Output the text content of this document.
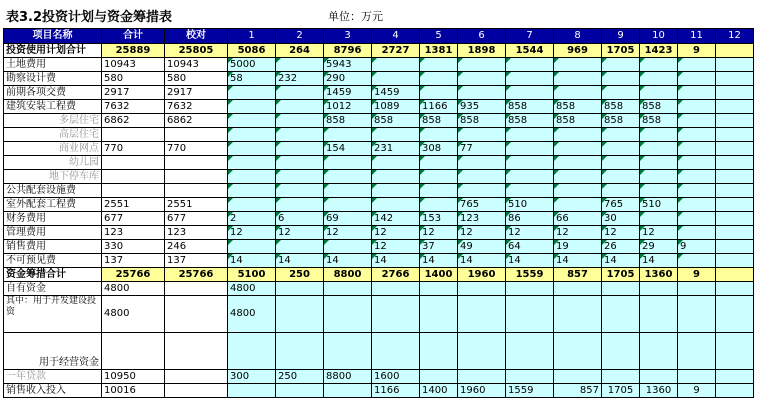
表3.2投资计划与资金筹措表	单位：万元
项目名称	合计	校对	1	2	3	4	5	6	7	8	9	10	11	12
投资使用计划合计	25889	25805	5086	264	8796	2727	1381	1898	1544	969	1705	1423	9	
土地费用	10943	10943	5000		5943									
勘察设计费	580	580	58	232	290									
前期各项交费	2917	2917			1459	1459								
建筑安装工程费	7632	7632			1012	1089	1166	935	858	858	858	858		
多层住宅	6862	6862			858	858	858	858	858	858	858	858		
高层住宅														
商业网点	770	770			154	231	308	77						
幼儿园														
地下停车库														
公共配套设施费														
室外配套工程费	2551	2551						765	510		765	510		
财务费用	677	677	2	6	69	142	153	123	86	66	30			
管理费用	123	123	12	12	12	12	12	12	12	12	12	12		
销售费用	330	246				12	37	49	64	19	26	29	9	
不可预见费	137	137	14	14	14	14	14	14	14	14	14	14		
资金筹措合计	25766	25766	5100	250	8800	2766	1400	1960	1559	857	1705	1360	9	
自有资金	4800		4800											
其中：用于开发建设投资	4800		4800											
用于经营资金														
一年贷款	10950		300	250	8800	1600								
销售收入投入	10016					1166	1400	1960	1559	857	1705	1360	9	
